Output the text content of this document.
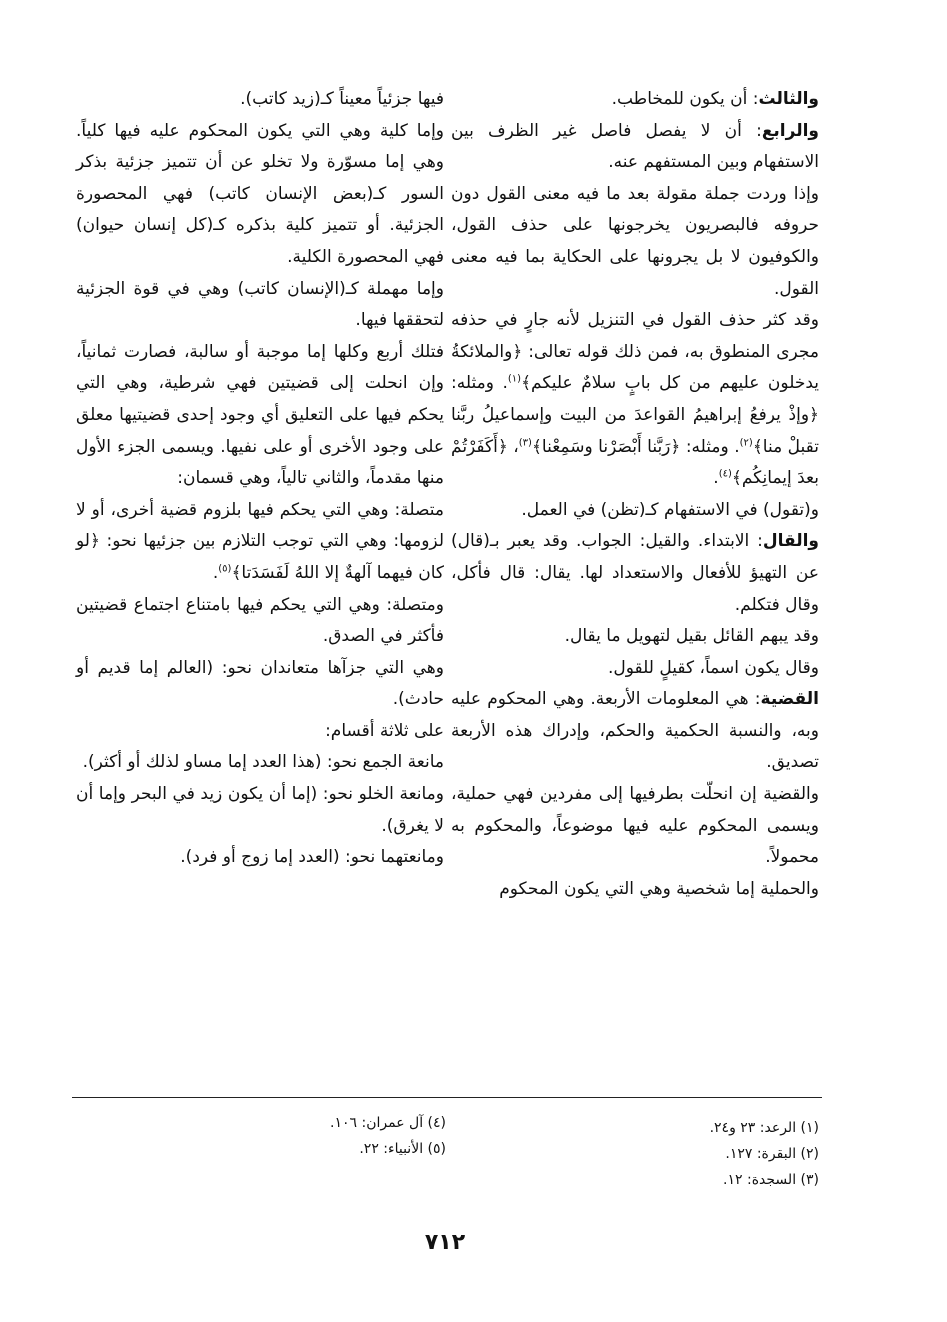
والثالث: أن يكون للمخاطب.

والرابع: أن لا يفصل فاصل غير الظرف بين الاستفهام وبين المستفهم عنه.

وإذا وردت جملة مقولة بعد ما فيه معنى القول دون حروفه فالبصريون يخرجونها على حذف القول، والكوفيون لا بل يجرونها على الحكاية بما فيه معنى القول.

وقد كثر حذف القول في التنزيل لأنه جارٍ في حذفه مجرى المنطوق به، فمن ذلك قوله تعالى: ﴿والملائكةُ يدخلون عليهم من كل بابٍ سلامٌ عليكم﴾$^{(١)}$. ومثله: ﴿وإذْ يرفعُ إبراهيمُ القواعدَ من البيت وإسماعيلُ ربَّنا تقبلْ منا﴾$^{(٢)}$. ومثله: ﴿رَبَّنا أَبْصَرْنا وسَمِعْنا﴾$^{(٣)}$، ﴿أَكَفَرْتُمْ بعدَ إيمانِكُم﴾$^{(٤)}$.

و(تقول) في الاستفهام كـ(تظن) في العمل.

والقال: الابتداء. والقيل: الجواب. وقد يعبر بـ(قال) عن التهيؤ للأفعال والاستعداد لها. يقال: قال فأكل، وقال فتكلم.

وقد يبهم القائل بقيل لتهويل ما يقال.

وقال يكون اسماً، كقيلٍ للقول.

القضية: هي المعلومات الأربعة. وهي المحكوم عليه وبه، والنسبة الحكمية والحكم، وإدراك هذه الأربعة تصديق.

والقضية إن انحلّت بطرفيها إلى مفردين فهي حملية، ويسمى المحكوم عليه فيها موضوعاً، والمحكوم به محمولاً.

والحملية إما شخصية وهي التي يكون المحكوم

فيها جزئياً معيناً كـ(زيد كاتب).

وإما كلية وهي التي يكون المحكوم عليه فيها كلياً. وهي إما مسوّرة ولا تخلو عن أن تتميز جزئية بذكر السور كـ(بعض الإنسان كاتب) فهي المحصورة الجزئية. أو تتميز كلية بذكره كـ(كل إنسان حيوان) فهي المحصورة الكلية.

وإما مهملة كـ(الإنسان كاتب) وهي في قوة الجزئية لتحققها فيها.

فتلك أربع وكلها إما موجبة أو سالبة، فصارت ثمانياً، وإن انحلت إلى قضيتين فهي شرطية، وهي التي يحكم فيها على التعليق أي وجود إحدى قضيتيها معلق على وجود الأخرى أو على نفيها. ويسمى الجزء الأول منها مقدماً، والثاني تالياً، وهي قسمان:

متصلة: وهي التي يحكم فيها بلزوم قضية أخرى، أو لا لزومها: وهي التي توجب التلازم بين جزئيها نحو: ﴿لو كان فيهما آلهةٌ إلا اللهُ لَفَسَدَتا﴾$^{(٥)}$.

ومتصلة: وهي التي يحكم فيها بامتناع اجتماع قضيتين فأكثر في الصدق.

وهي التي جزآها متعاندان نحو: (العالم إما قديم أو حادث).

على ثلاثة أقسام:

مانعة الجمع نحو: (هذا العدد إما مساو لذلك أو أكثر).

ومانعة الخلو نحو: (إما أن يكون زيد في البحر وإما أن لا يغرق).

ومانعتهما نحو: (العدد إما زوج أو فرد).

(١) الرعد: ٢٣ و٢٤.
(٢) البقرة: ١٢٧.
(٣) السجدة: ١٢.
(٤) آل عمران: ١٠٦.
(٥) الأنبياء: ٢٢.
٧١٢
